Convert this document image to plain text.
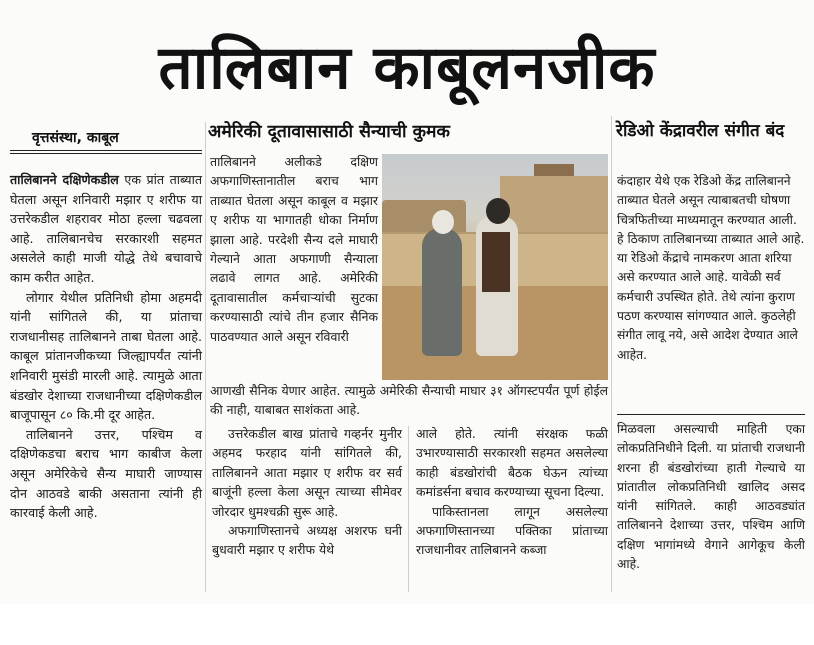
तालिबान काबूलनजीक
वृत्तसंस्था, काबूल

तालिबानने दक्षिणेकडील एक प्रांत ताब्यात घेतला असून शनिवारी मझार ए शरीफ या उत्तरेकडील शहरावर मोठा हल्ला चढवला आहे. तालिबानचेच सरकारशी सहमत असलेले काही माजी योद्धे तेथे बचावाचे काम करीत आहेत.

लोगार येथील प्रतिनिधी होमा अहमदी यांनी सांगितले की, या प्रांताचा राजधानीसह तालिबानने ताबा घेतला आहे. काबूल प्रांतानजीकच्या जिल्ह्यापर्यंत त्यांनी शनिवारी मुसंडी मारली आहे. त्यामुळे आता बंडखोर देशाच्या राजधानीच्या दक्षिणेकडील बाजूपासून ८० कि.मी दूर आहेत.

तालिबानने उत्तर, पश्चिम व दक्षिणेकडचा बराच भाग काबीज केला असून अमेरिकेचे सैन्य माघारी जाण्यास दोन आठवडे बाकी असताना त्यांनी ही कारवाई केली आहे.

अमेरिकी दूतावासासाठी सैन्याची कुमक
तालिबानने अलीकडे दक्षिण अफगाणिस्तानातील बराच भाग ताब्यात घेतला असून काबूल व मझार ए शरीफ या भागातही धोका निर्माण झाला आहे. परदेशी सैन्य दले माघारी गेल्याने आता अफगाणी सैन्याला लढावे लागत आहे. अमेरिकी दूतावासातील कर्मचाऱ्यांची सुटका करण्यासाठी त्यांचे तीन हजार सैनिक पाठवण्यात आले असून रविवारी
आणखी सैनिक येणार आहेत. त्यामुळे अमेरिकी सैन्याची माघार ३१ ऑगस्टपर्यंत पूर्ण होईल की नाही, याबाबत साशंकता आहे.

उत्तरेकडील बाख प्रांताचे गव्हर्नर मुनीर अहमद फरहाद यांनी सांगितले की, तालिबानने आता मझार ए शरीफ वर सर्व बाजूंनी हल्ला केला असून त्याच्या सीमेवर जोरदार धुमश्चक्री सुरू आहे.

अफगाणिस्तानचे अध्यक्ष अशरफ घनी बुधवारी मझार ए शरीफ येथे

आले होते. त्यांनी संरक्षक फळी उभारण्यासाठी सरकारशी सहमत असलेल्या काही बंडखोरांची बैठक घेऊन त्यांच्या कमांडर्सना बचाव करण्याच्या सूचना दिल्या.

पाकिस्तानला लागून असलेल्या अफगाणिस्तानच्या पक्तिका प्रांताच्या राजधानीवर तालिबानने कब्जा

रेडिओ केंद्रावरील संगीत बंद
कंदाहार येथे एक रेडिओ केंद्र तालिबानने ताब्यात घेतले असून त्याबाबतची घोषणा चित्रफितीच्या माध्यमातून करण्यात आली. हे ठिकाण तालिबानच्या ताब्यात आले आहे. या रेडिओ केंद्राचे नामकरण आता शरिया असे करण्यात आले आहे. यावेळी सर्व कर्मचारी उपस्थित होते. तेथे त्यांना कुराण पठण करण्यास सांगण्यात आले. कुठलेही संगीत लावू नये, असे आदेश देण्यात आले आहेत.
मिळवला असल्याची माहिती एका लोकप्रतिनिधीने दिली. या प्रांताची राजधानी शरना ही बंडखोरांच्या हाती गेल्याचे या प्रांतातील लोकप्रतिनिधी खालिद असद यांनी सांगितले. काही आठवड्यांत तालिबानने देशाच्या उत्तर, पश्चिम आणि दक्षिण भागांमध्ये वेगाने आगेकूच केली आहे.
